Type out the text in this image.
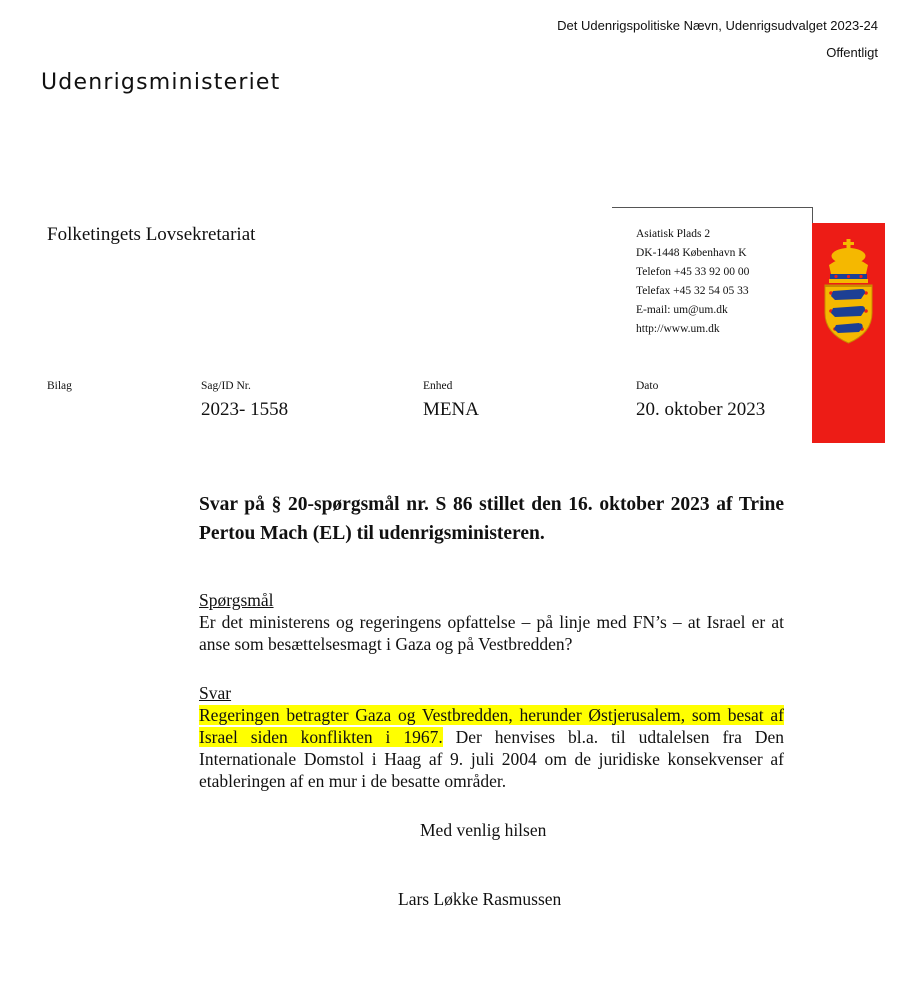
Det Udenrigspolitiske Nævn, Udenrigsudvalget 2023-24
Offentligt
Udenrigsministeriet
Folketingets Lovsekretariat	Asiatisk Plads 2
DK-1448 København K
Telefon +45 33 92 00 00
Telefax +45 32 54 05 33
E-mail: um@um.dk
http://www.um.dk
Bilag	Sag/ID Nr.
2023- 1558
Enhed
MENA
Dato
20. oktober 2023
Svar på § 20-spørgsmål nr. S 86 stillet den 16. oktober 2023 af Trine Pertou Mach (EL) til udenrigsministeren.
Spørgsmål
Er det ministerens og regeringens opfattelse – på linje med FN’s – at Israel er at anse som besættelsesmagt i Gaza og på Vestbredden?
Svar
Regeringen betragter Gaza og Vestbredden, herunder Østjerusalem, som besat af Israel siden konflikten i 1967. Der henvises bl.a. til udtalelsen fra Den Internationale Domstol i Haag af 9. juli 2004 om de juridiske konsekvenser af etableringen af en mur i de besatte områder.
Med venlig hilsen
Lars Løkke Rasmussen
